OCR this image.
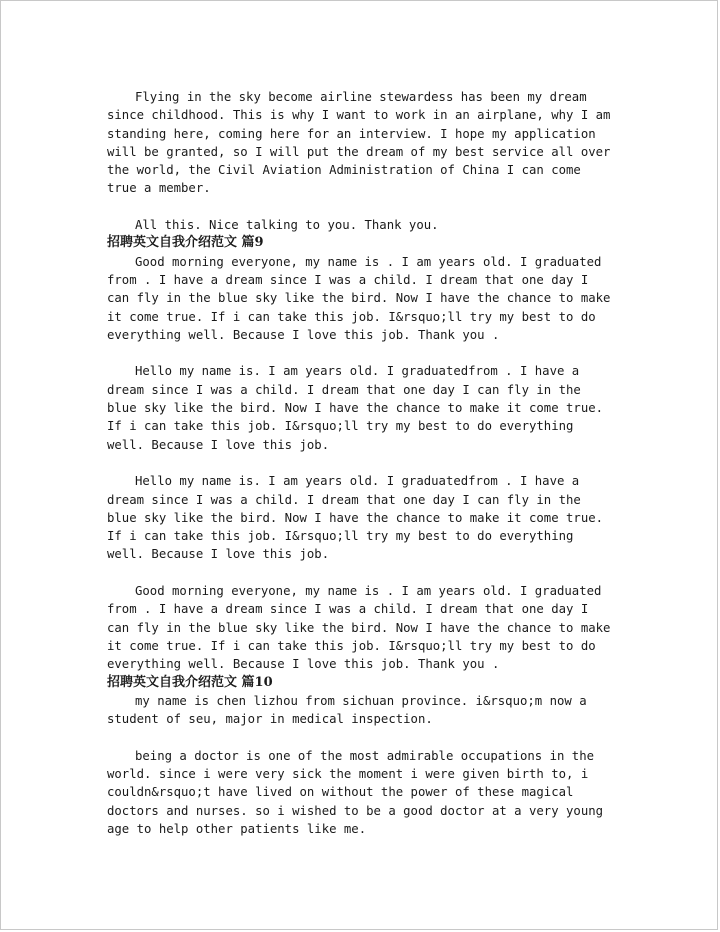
Flying in the sky become airline stewardess has been my dream since childhood. This is why I want to work in an airplane, why I am standing here, coming here for an interview. I hope my application will be granted, so I will put the dream of my best service all over the world, the Civil Aviation Administration of China I can come true a member.

All this. Nice talking to you. Thank you.

招聘英文自我介绍范文 篇9

Good morning everyone, my name is . I am years old. I graduated from . I have a dream since I was a child. I dream that one day I can fly in the blue sky like the bird. Now I have the chance to make it come true. If i can take this job. I&rsquo;ll try my best to do everything well. Because I love this job. Thank you .

Hello my name is. I am years old. I graduatedfrom . I have a dream since I was a child. I dream that one day I can fly in the blue sky like the bird. Now I have the chance to make it come true. If i can take this job. I&rsquo;ll try my best to do everything well. Because I love this job.

Hello my name is. I am years old. I graduatedfrom . I have a dream since I was a child. I dream that one day I can fly in the blue sky like the bird. Now I have the chance to make it come true. If i can take this job. I&rsquo;ll try my best to do everything well. Because I love this job.

Good morning everyone, my name is . I am years old. I graduated from . I have a dream since I was a child. I dream that one day I can fly in the blue sky like the bird. Now I have the chance to make it come true. If i can take this job. I&rsquo;ll try my best to do everything well. Because I love this job. Thank you .

招聘英文自我介绍范文 篇10

my name is chen lizhou from sichuan province. i&rsquo;m now a student of seu, major in medical inspection.

being a doctor is one of the most admirable occupations in the world. since i were very sick the moment i were given birth to, i couldn&rsquo;t have lived on without the power of these magical doctors and nurses. so i wished to be a good doctor at a very young age to help other patients like me.
